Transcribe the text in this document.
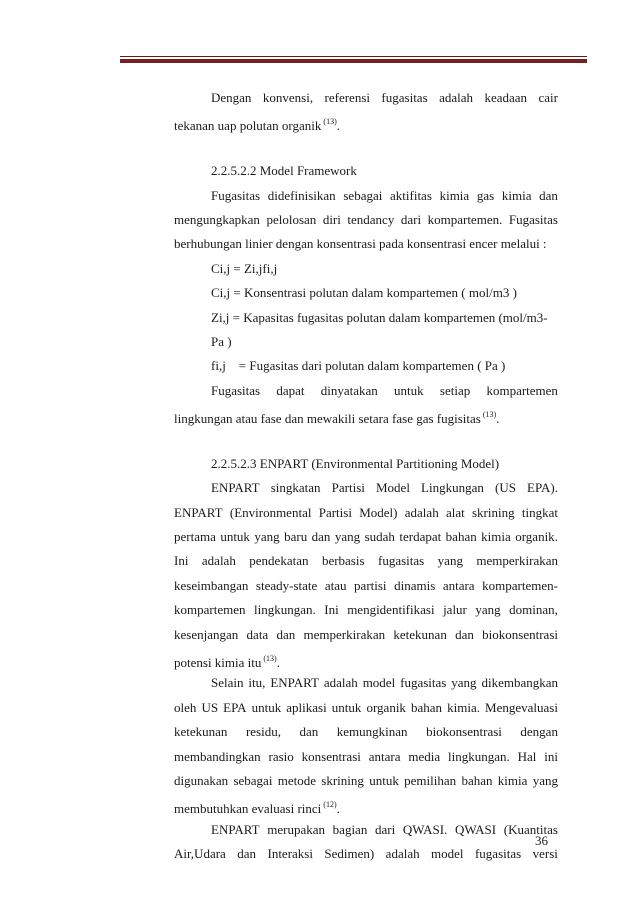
Dengan konvensi, referensi fugasitas adalah keadaan cair
tekanan uap polutan organik $^{(13)}$.
2.2.5.2.2 Model Framework
Fugasitas didefinisikan sebagai aktifitas kimia gas kimia dan
mengungkapkan pelolosan diri tendancy dari kompartemen. Fugasitas
berhubungan linier dengan konsentrasi pada konsentrasi encer melalui :
Ci,j = Zi,jfi,j
Ci,j = Konsentrasi polutan dalam kompartemen ( mol/m3 )
Zi,j = Kapasitas fugasitas polutan dalam kompartemen (mol/m3-
Pa )
fi,j    = Fugasitas dari polutan dalam kompartemen ( Pa )
Fugasitas dapat dinyatakan untuk setiap kompartemen
lingkungan atau fase dan mewakili setara fase gas fugisitas $^{(13)}$.
2.2.5.2.3 ENPART (Environmental Partitioning Model)
ENPART singkatan Partisi Model Lingkungan (US EPA).
ENPART (Environmental Partisi Model) adalah alat skrining tingkat
pertama untuk yang baru dan yang sudah terdapat bahan kimia organik.
Ini adalah pendekatan berbasis fugasitas yang memperkirakan
keseimbangan steady-state atau partisi dinamis antara kompartemen-
kompartemen lingkungan. Ini mengidentifikasi jalur yang dominan,
kesenjangan data dan memperkirakan ketekunan dan biokonsentrasi
potensi kimia itu $^{(13)}$.
Selain itu, ENPART adalah model fugasitas yang dikembangkan
oleh US EPA untuk aplikasi untuk organik bahan kimia. Mengevaluasi
ketekunan residu, dan kemungkinan biokonsentrasi dengan
membandingkan rasio konsentrasi antara media lingkungan. Hal ini
digunakan sebagai metode skrining untuk pemilihan bahan kimia yang
membutuhkan evaluasi rinci $^{(12)}$.
ENPART merupakan bagian dari QWASI. QWASI (Kuantitas
Air,Udara dan Interaksi Sedimen) adalah model fugasitas versi
36
